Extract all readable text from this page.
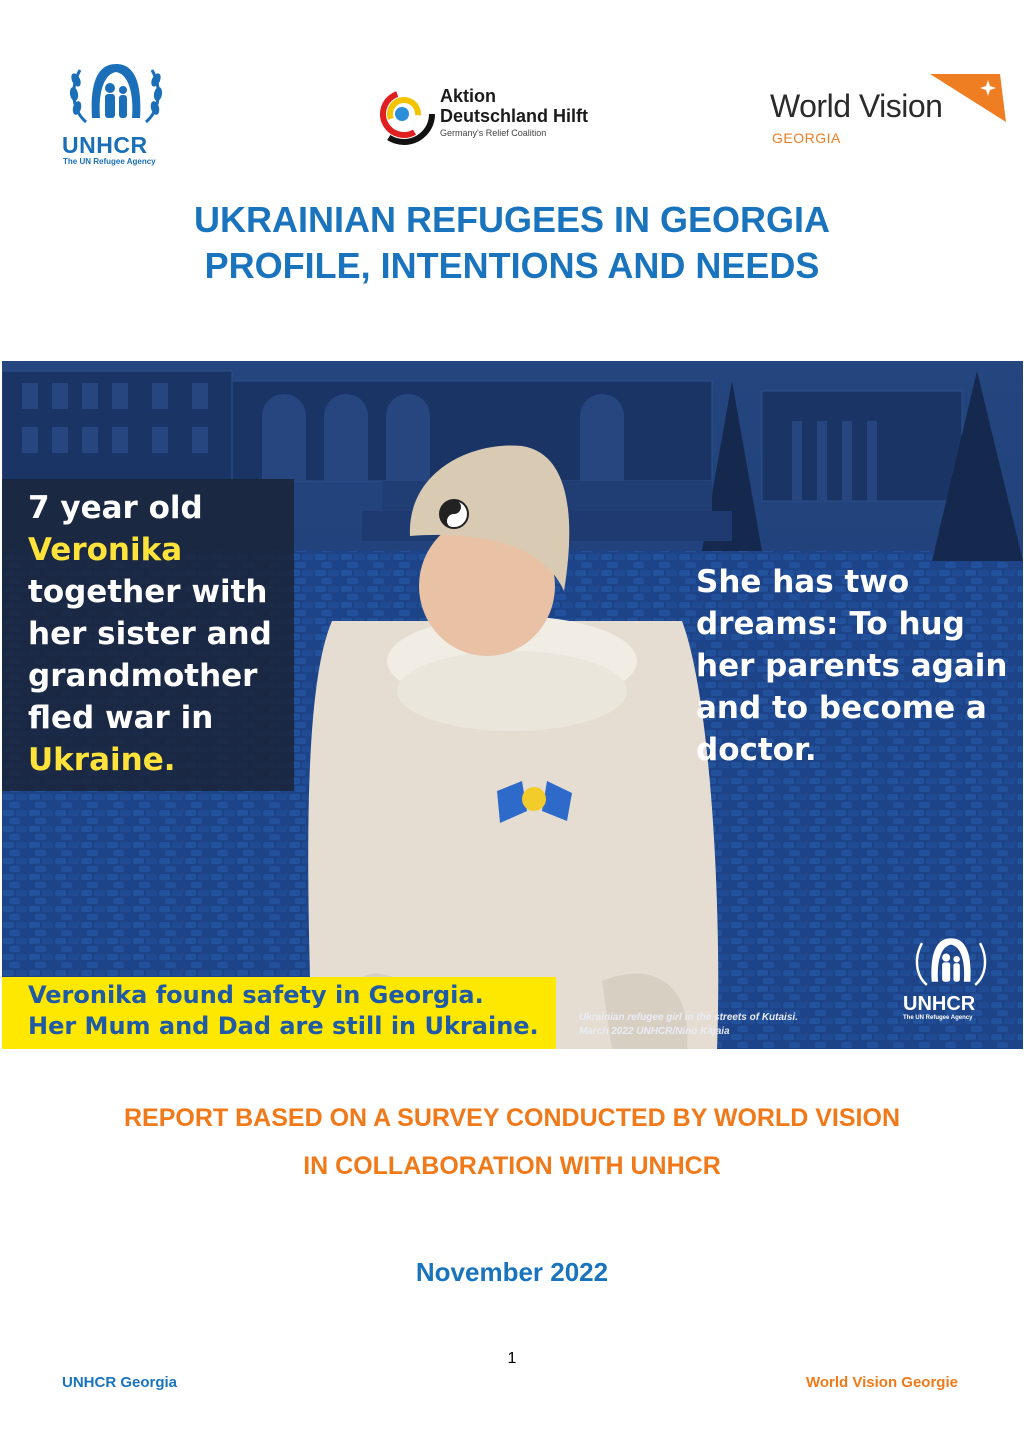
UNHCR
The UN Refugee Agency
Aktion
Deutschland Hilft
Germany's Relief Coalition
World Vision
GEORGIA
UKRAINIAN REFUGEES IN GEORGIA
PROFILE, INTENTIONS AND NEEDS
7 year old
Veronika
together with
her sister and
grandmother
fled war in
Ukraine.
She has two
dreams: To hug
her parents again
and to become a
doctor.
Veronika found safety in Georgia.
Her Mum and Dad are still in Ukraine.	Ukrainian refugee girl in the streets of Kutaisi.
March 2022 UNHCR/Nino Kajaia
UNHCR
The UN Refugee Agency
REPORT BASED ON A SURVEY CONDUCTED BY WORLD VISION
IN COLLABORATION WITH UNHCR
November 2022
1
UNHCR Georgia	World Vision Georgie
